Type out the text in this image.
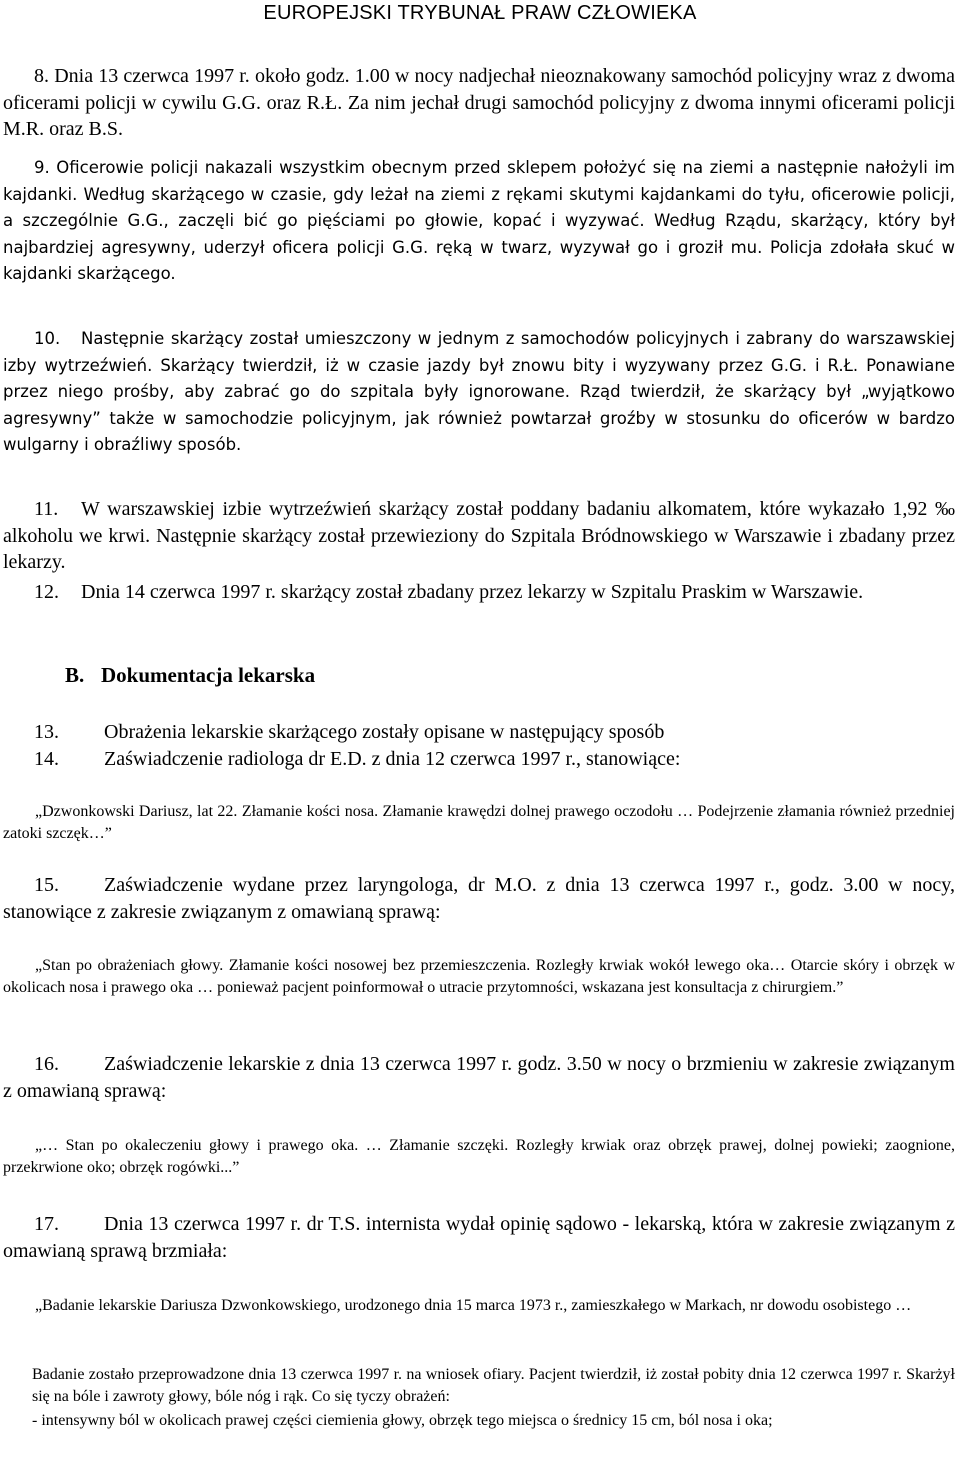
EUROPEJSKI TRYBUNAŁ PRAW CZŁOWIEKA
8. Dnia 13 czerwca 1997 r. około godz. 1.00 w nocy nadjechał nieoznakowany samochód policyjny wraz z dwoma oficerami policji w cywilu G.G. oraz R.Ł. Za nim jechał drugi samochód policyjny z dwoma innymi oficerami policji M.R. oraz B.S.
9. Oficerowie policji nakazali wszystkim obecnym przed sklepem położyć się na ziemi a następnie nałożyli im kajdanki. Według skarżącego w czasie, gdy leżał na ziemi z rękami skutymi kajdankami do tyłu, oficerowie policji, a szczególnie G.G., zaczęli bić go pięściami po głowie, kopać i wyzywać. Według Rządu, skarżący, który był najbardziej agresywny, uderzył oficera policji G.G. ręką w twarz, wyzywał go i groził mu. Policja zdołała skuć w kajdanki skarżącego.
10. Następnie skarżący został umieszczony w jednym z samochodów policyjnych i zabrany do warszawskiej izby wytrzeźwień. Skarżący twierdził, iż w czasie jazdy był znowu bity i wyzywany przez G.G. i R.Ł. Ponawiane przez niego prośby, aby zabrać go do szpitala były ignorowane. Rząd twierdził, że skarżący był „wyjątkowo agresywny” także w samochodzie policyjnym, jak również powtarzał groźby w stosunku do oficerów w bardzo wulgarny i obraźliwy sposób.
11. W warszawskiej izbie wytrzeźwień skarżący został poddany badaniu alkomatem, które wykazało 1,92 ‰ alkoholu we krwi. Następnie skarżący został przewieziony do Szpitala Bródnowskiego w Warszawie i zbadany przez lekarzy.
12. Dnia 14 czerwca 1997 r. skarżący został zbadany przez lekarzy w Szpitalu Praskim w Warszawie.
B. Dokumentacja lekarska
13. Obrażenia lekarskie skarżącego zostały opisane w następujący sposób
14. Zaświadczenie radiologa dr E.D. z dnia 12 czerwca 1997 r., stanowiące:
„Dzwonkowski Dariusz, lat 22. Złamanie kości nosa. Złamanie krawędzi dolnej prawego oczodołu … Podejrzenie złamania również przedniej zatoki szczęk…”
15. Zaświadczenie wydane przez laryngologa, dr M.O. z dnia 13 czerwca 1997 r., godz. 3.00 w nocy, stanowiące z zakresie związanym z omawianą sprawą:
„Stan po obrażeniach głowy. Złamanie kości nosowej bez przemieszczenia. Rozległy krwiak wokół lewego oka… Otarcie skóry i obrzęk w okolicach nosa i prawego oka … ponieważ pacjent poinformował o utracie przytomności, wskazana jest konsultacja z chirurgiem.”
16. Zaświadczenie lekarskie z dnia 13 czerwca 1997 r. godz. 3.50 w nocy o brzmieniu w zakresie związanym z omawianą sprawą:
„… Stan po okaleczeniu głowy i prawego oka. … Złamanie szczęki. Rozległy krwiak oraz obrzęk prawej, dolnej powieki; zaognione, przekrwione oko; obrzęk rogówki...”
17. Dnia 13 czerwca 1997 r. dr T.S. internista wydał opinię sądowo - lekarską, która w zakresie związanym z omawianą sprawą brzmiała:
„Badanie lekarskie Dariusza Dzwonkowskiego, urodzonego dnia 15 marca 1973 r., zamieszkałego w Markach, nr dowodu osobistego …
Badanie zostało przeprowadzone dnia 13 czerwca 1997 r. na wniosek ofiary. Pacjent twierdził, iż został pobity dnia 12 czerwca 1997 r. Skarżył się na bóle i zawroty głowy, bóle nóg i rąk. Co się tyczy obrażeń:
- intensywny ból w okolicach prawej części ciemienia głowy, obrzęk tego miejsca o średnicy 15 cm, ból nosa i oka;
